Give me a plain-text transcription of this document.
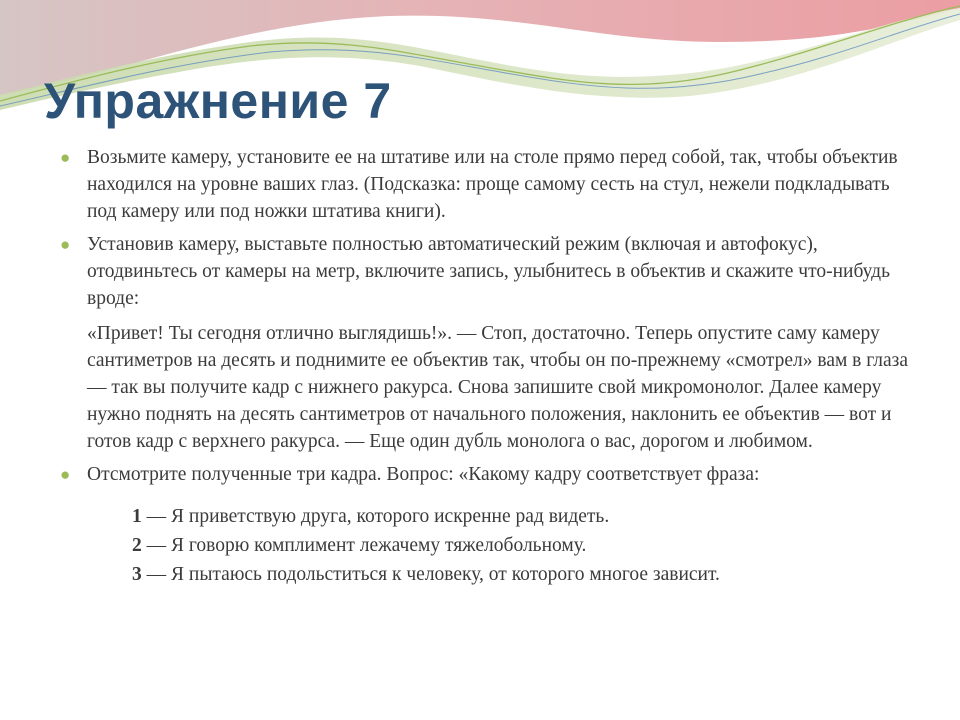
Упражнение 7
● Возьмите камеру, установите ее на штативе или на столе прямо перед собой, так, чтобы объектив находился на уровне ваших глаз. (Подсказка: проще самому сесть на стул, нежели подкладывать под камеру или под ножки штатива книги).
● Установив камеру, выставьте полностью автоматический режим (включая и автофокус), отодвиньтесь от камеры на метр, включите запись, улыбнитесь в объектив и скажите что-нибудь вроде:
«Привет! Ты сегодня отлично выглядишь!». — Стоп, достаточно. Теперь опустите саму камеру сантиметров на десять и поднимите ее объектив так, чтобы он по-прежнему «смотрел» вам в глаза — так вы получите кадр с нижнего ракурса. Снова запишите свой микромонолог. Далее камеру нужно поднять на десять сантиметров от начального положения, наклонить ее объектив — вот и готов кадр с верхнего ракурса. — Еще один дубль монолога о вас, дорогом и любимом.
● Отсмотрите полученные три кадра. Вопрос: «Какому кадру соответствует фраза:
1 — Я приветствую друга, которого искренне рад видеть.
2 — Я говорю комплимент лежачему тяжелобольному.
3 — Я пытаюсь подольститься к человеку, от которого многое зависит.
